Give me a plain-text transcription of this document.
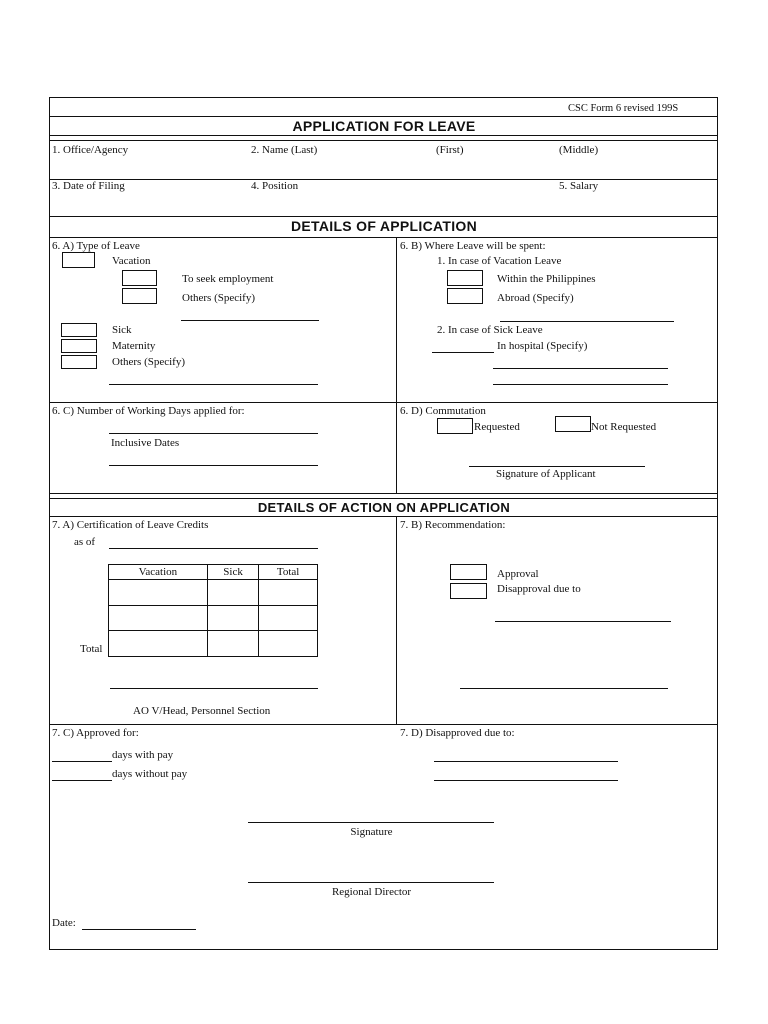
CSC Form 6 revised 199S
APPLICATION FOR LEAVE
1. Office/Agency	2. Name (Last)	(First)	(Middle)
3. Date of Filing	4. Position	5. Salary
DETAILS OF APPLICATION
6. A) Type of Leave
Vacation
To seek employment
Others (Specify)
Sick
Maternity
Others (Specify)
6. B) Where Leave will be spent:
1. In case of Vacation Leave
Within the Philippines
Abroad (Specify)
2. In case of Sick Leave
In hospital (Specify)
6. C) Number of Working Days applied for:
Inclusive Dates
6. D) Commutation
Requested	Not Requested
Signature of Applicant
DETAILS OF ACTION ON APPLICATION
7. A) Certification of Leave Credits
as of
Vacation	Sick	Total

Total
AO V/Head, Personnel Section
7. B) Recommendation:
Approval
Disapproval due to
7. C) Approved for:
days with pay
days without pay
7. D) Disapproved due to:
Signature
Regional Director
Date:
